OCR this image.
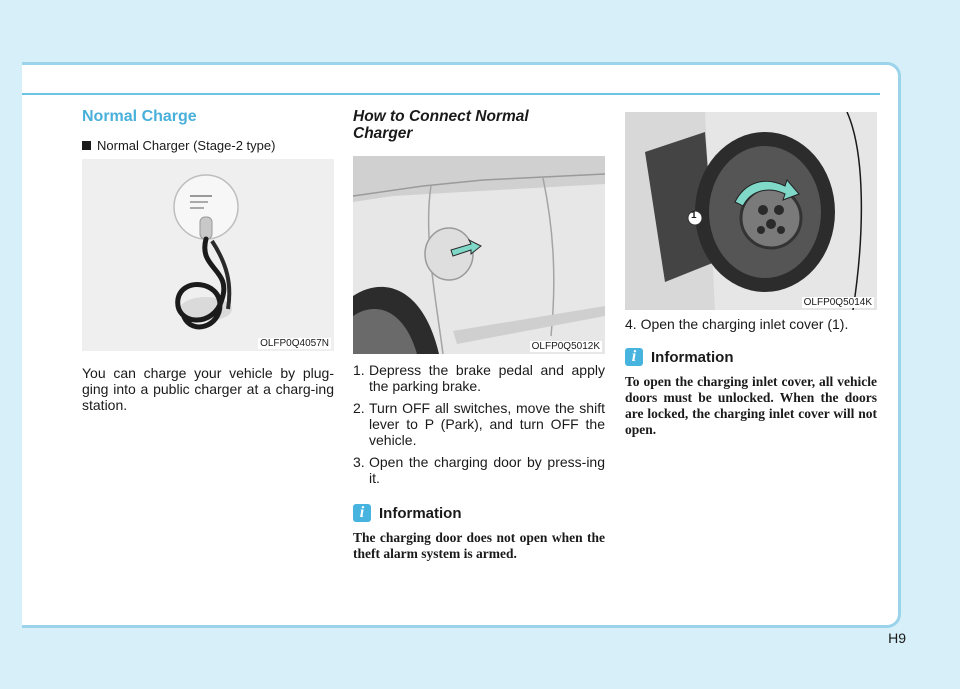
Normal Charge

Normal Charger (Stage-2 type)

OLFP0Q4057N

You can charge your vehicle by plug-ging into a public charger at a charg-ing station.

How to Connect Normal Charger
OLFP0Q5012K
1. Depress the brake pedal and apply the parking brake.
2. Turn OFF all switches, move the shift lever to P (Park), and turn OFF the vehicle.
3. Open the charging door by press-ing it.
i Information

The charging door does not open when the theft alarm system is armed.

1
OLFP0Q5014K

4. Open the charging inlet cover (1).

i Information

To open the charging inlet cover, all vehicle doors must be unlocked. When the doors are locked, the charging inlet cover will not open.

H9
